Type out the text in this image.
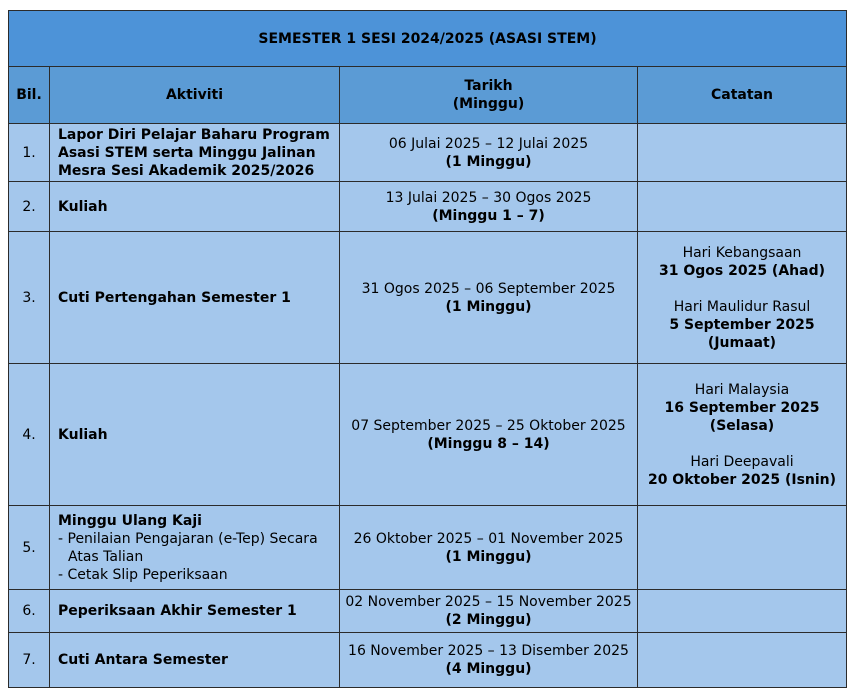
SEMESTER 1 SESI 2024/2025 (ASASI STEM)			
Bil.	Aktiviti	Tarikh
(Minggu)	Catatan
1.	Lapor Diri Pelajar Baharu Program
Asasi STEM serta Minggu Jalinan
Mesra Sesi Akademik 2025/2026	06 Julai 2025 – 12 Julai 2025
(1 Minggu)	

2.	Kuliah	13 Julai 2025 – 30 Ogos 2025
(Minggu 1 – 7)	

3.	Cuti Pertengahan Semester 1	31 Ogos 2025 – 06 September 2025
(1 Minggu)	Hari Kebangsaan
31 Ogos 2025 (Ahad)
Hari Maulidur Rasul
5 September 2025
(Jumaat)

4.	Kuliah	07 September 2025 – 25 Oktober 2025
(Minggu 8 – 14)	Hari Malaysia
16 September 2025
(Selasa)
Hari Deepavali
20 Oktober 2025 (Isnin)

5.	Minggu Ulang Kaji
- Penilaian Pengajaran (e-Tep) Secara Atas Talian
- Cetak Slip Peperiksaan	26 Oktober 2025 – 01 November 2025
(1 Minggu)	

6.	Peperiksaan Akhir Semester 1	02 November 2025 – 15 November 2025
(2 Minggu)	

7.	Cuti Antara Semester	16 November 2025 – 13 Disember 2025
(4 Minggu)	
